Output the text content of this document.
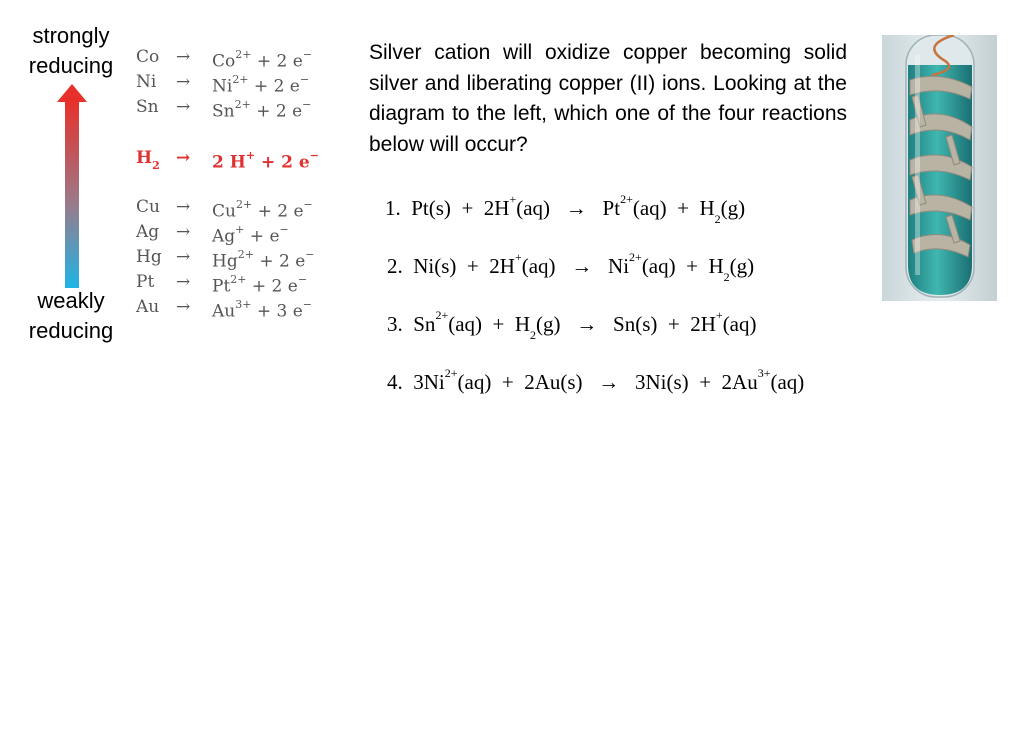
strongly
reducing
weakly
reducing
$Co \to Co^{2+} + 2$ e−
$Ni \to Ni^{2+} + 2$ e−
$Sn \to Sn^{2+} + 2$ e−
$H_2 \to 2$ H+ + 2 e−
$Cu \to Cu^{2+} + 2$ e−
Ag → Ag+ + e−
$Hg \to Hg^{2+} + 2$ e−
$Pt \to Pt^{2+} + 2$ e−
$Au \to Au^{3+} + 3$ e−
Silver cation will oxidize copper becoming solid silver and liberating copper (II) ions. Looking at the diagram to the left, which one of the four reactions below will occur?
1. $Pt(s) + 2H^+(aq) \to Pt^{2+}(aq) + H_2(g)$
2. $Ni(s) + 2H^+(aq) \to Ni^{2+}(aq) + H_2(g)$
3. $Sn^{2+}(aq) + H_2(g) \to Sn(s) + 2H^+(aq)$
4. $3Ni^{2+}(aq) + 2Au(s) \to 3Ni(s) + 2Au^{3+}(aq)$
